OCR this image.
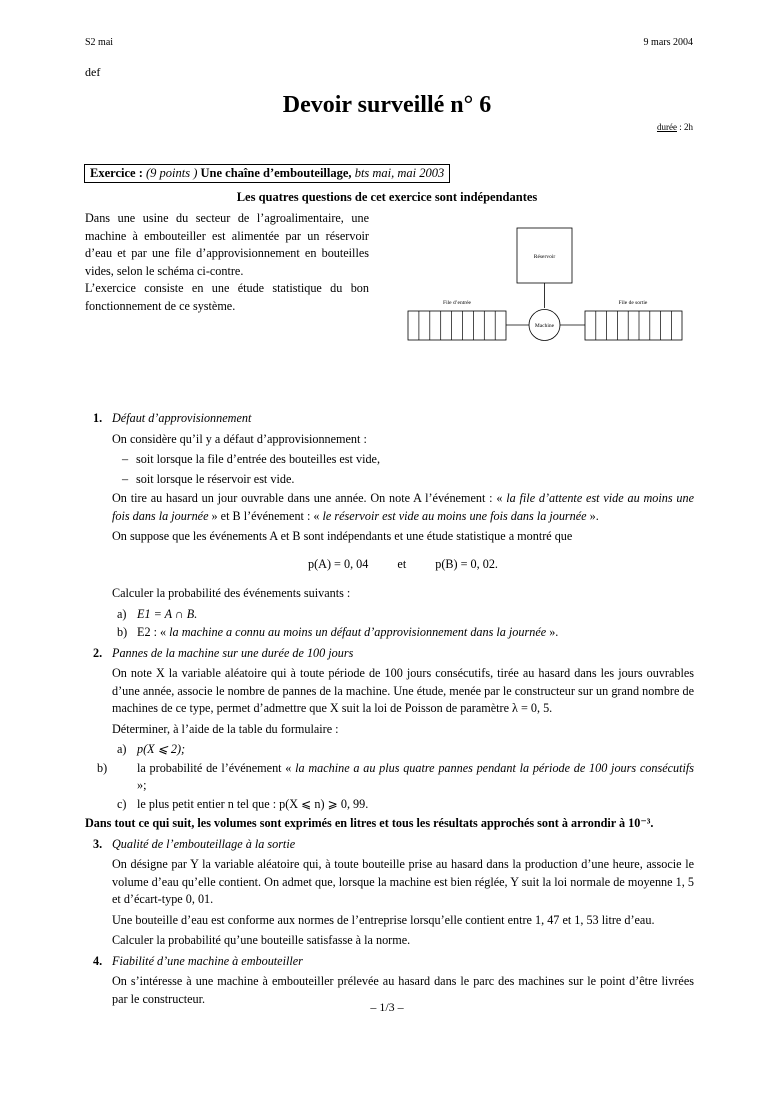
S2 mai	9 mars 2004
def
Devoir surveillé n° 6
durée : 2h
Exercice : (9 points ) Une chaîne d’embouteillage, bts mai, mai 2003
Les quatres questions de cet exercice sont indépendantes

Dans une usine du secteur de l’agroalimentaire, une machine à embouteiller est alimentée par un réservoir d’eau et par une file d’approvisionnement en bouteilles vides, selon le schéma ci-contre.

L’exercice consiste en une étude statistique du bon fonctionnement de ce système.

Réservoir
File d’entrée	File de sortie
Machine
1. Défaut d’approvisionnement

On considère qu’il y a défaut d’approvisionnement :

– soit lorsque la file d’entrée des bouteilles est vide,
– soit lorsque le réservoir est vide.

On tire au hasard un jour ouvrable dans une année. On note A l’événement : « la file d’attente est vide au moins une fois dans la journée » et B l’événement : « le réservoir est vide au moins une fois dans la journée ».

On suppose que les événements A et B sont indépendants et une étude statistique a montré que

p(A) = 0, 04 et p(B) = 0, 02.

Calculer la probabilité des événements suivants :

a) E1 = A ∩ B.
b) E2 : « la machine a connu au moins un défaut d’approvisionnement dans la journée ».
2. Pannes de la machine sur une durée de 100 jours

On note X la variable aléatoire qui à toute période de 100 jours consécutifs, tirée au hasard dans les jours ouvrables d’une année, associe le nombre de pannes de la machine. Une étude, menée par le constructeur sur un grand nombre de machines de ce type, permet d’admettre que X suit la loi de Poisson de paramètre λ = 0, 5.

Déterminer, à l’aide de la table du formulaire :

a) p(X ⩽ 2);
b) la probabilité de l’événement « la machine a au plus quatre pannes pendant la période de 100 jours consécutifs »;
c) le plus petit entier n tel que : p(X ⩽ n) ⩾ 0, 99.
Dans tout ce qui suit, les volumes sont exprimés en litres et tous les résultats approchés sont à arrondir à 10⁻³.
3. Qualité de l’embouteillage à la sortie

On désigne par Y la variable aléatoire qui, à toute bouteille prise au hasard dans la production d’une heure, associe le volume d’eau qu’elle contient. On admet que, lorsque la machine est bien réglée, Y suit la loi normale de moyenne 1, 5 et d’écart-type 0, 01.

Une bouteille d’eau est conforme aux normes de l’entreprise lorsqu’elle contient entre 1, 47 et 1, 53 litre d’eau.

Calculer la probabilité qu’une bouteille satisfasse à la norme.

4. Fiabilité d’une machine à embouteiller

On s’intéresse à une machine à embouteiller prélevée au hasard dans le parc des machines sur le point d’être livrées par le constructeur.

– 1/3 –
